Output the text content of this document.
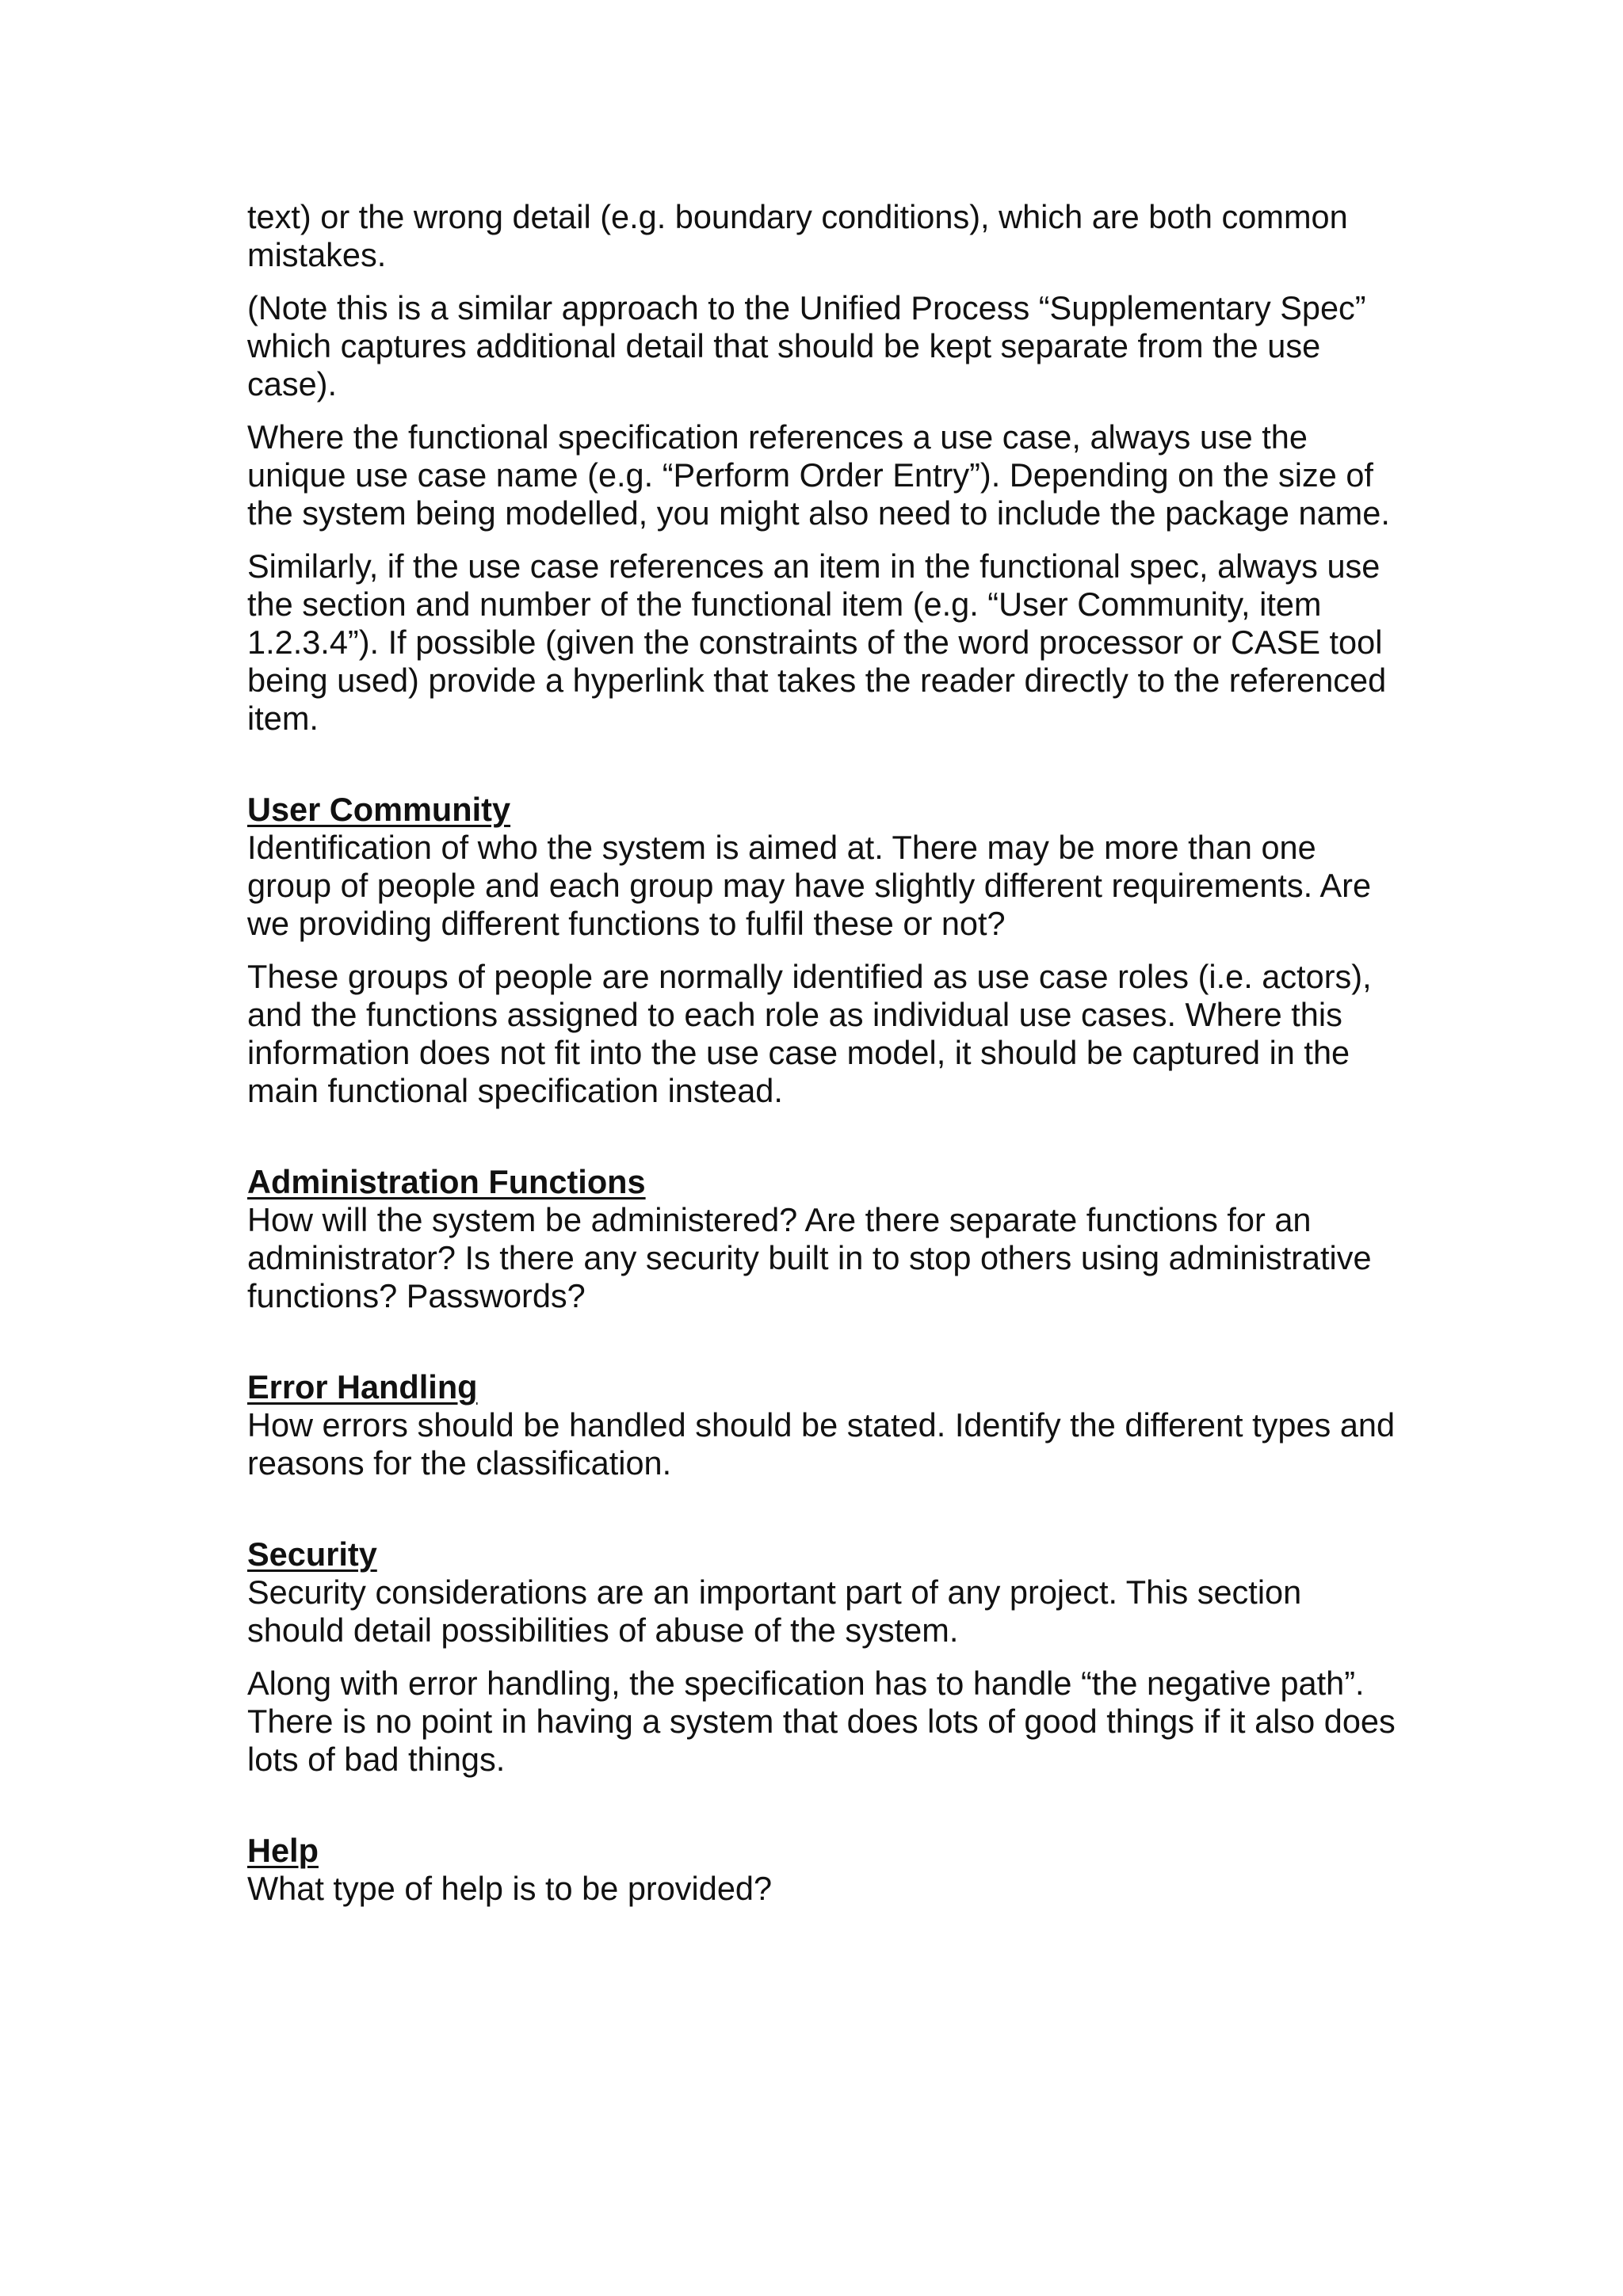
text) or the wrong detail (e.g. boundary conditions), which are both common mistakes.

(Note this is a similar approach to the Unified Process “Supplementary Spec” which captures additional detail that should be kept separate from the use case).

Where the functional specification references a use case, always use the unique use case name (e.g. “Perform Order Entry”). Depending on the size of the system being modelled, you might also need to include the package name.

Similarly, if the use case references an item in the functional spec, always use the section and number of the functional item (e.g. “User Community, item 1.2.3.4”). If possible (given the constraints of the word processor or CASE tool being used) provide a hyperlink that takes the reader directly to the referenced item.

User Community

Identification of who the system is aimed at. There may be more than one group of people and each group may have slightly different requirements. Are we providing different functions to fulfil these or not?

These groups of people are normally identified as use case roles (i.e. actors), and the functions assigned to each role as individual use cases. Where this information does not fit into the use case model, it should be captured in the main functional specification instead.

Administration Functions

How will the system be administered? Are there separate functions for an administrator? Is there any security built in to stop others using administrative functions? Passwords?

Error Handling

How errors should be handled should be stated. Identify the different types and reasons for the classification.

Security

Security considerations are an important part of any project. This section should detail possibilities of abuse of the system.

Along with error handling, the specification has to handle “the negative path”. There is no point in having a system that does lots of good things if it also does lots of bad things.

Help

What type of help is to be provided?
